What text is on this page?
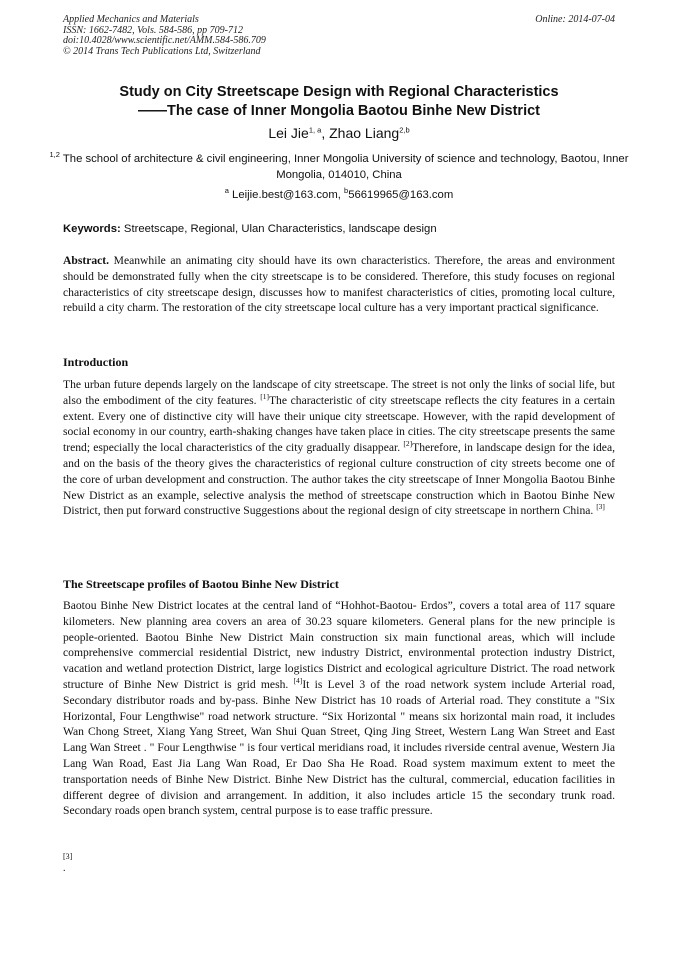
Applied Mechanics and Materials
ISSN: 1662-7482, Vols. 584-586, pp 709-712
doi:10.4028/www.scientific.net/AMM.584-586.709
© 2014 Trans Tech Publications Ltd, Switzerland
Online: 2014-07-04
Study on City Streetscape Design with Regional Characteristics
——The case of Inner Mongolia Baotou Binhe New District
Lei Jie$^{1, a}$, Zhao Liang$^{2,b}$
$^{1,2}$ The school of architecture & civil engineering, Inner Mongolia University of science and technology, Baotou, Inner Mongolia, 014010, China
$^a$ Leijie.best@163.com, $^b$56619965@163.com
Keywords: Streetscape, Regional, Ulan Characteristics, landscape design
Abstract. Meanwhile an animating city should have its own characteristics. Therefore, the areas and environment should be demonstrated fully when the city streetscape is to be considered. Therefore, this study focuses on regional characteristics of city streetscape design, discusses how to manifest characteristics of cities, promoting local culture, rebuild a city charm. The restoration of the city streetscape local culture has a very important practical significance.
Introduction
The urban future depends largely on the landscape of city streetscape. The street is not only the links of social life, but also the embodiment of the city features. [1]The characteristic of city streetscape reflects the city features in a certain extent. Every one of distinctive city will have their unique city streetscape. However, with the rapid development of social economy in our country, earth-shaking changes have taken place in cities. The city streetscape presents the same trend; especially the local characteristics of the city gradually disappear. [2]Therefore, in landscape design for the idea, and on the basis of the theory gives the characteristics of regional culture construction of city streets become one of the core of urban development and construction. The author takes the city streetscape of Inner Mongolia Baotou Binhe New District as an example, selective analysis the method of streetscape construction which in Baotou Binhe New District, then put forward constructive Suggestions about the regional design of city streetscape in northern China. [3]
The Streetscape profiles of Baotou Binhe New District
Baotou Binhe New District locates at the central land of “Hohhot-Baotou- Erdos”, covers a total area of 117 square kilometers. New planning area covers an area of 30.23 square kilometers. General plans for the new principle is people-oriented. Baotou Binhe New District Main construction six main functional areas, which will include comprehensive commercial residential District, new industry District, environmental protection industry District, vacation and wetland protection District, large logistics District and ecological agriculture District. The road network structure of Binhe New District is grid mesh. [4]It is Level 3 of the road network system include Arterial road, Secondary distributor roads and by-pass. Binhe New District has 10 roads of Arterial road. They constitute a "Six Horizontal, Four Lengthwise" road network structure. “Six Horizontal " means six horizontal main road, it includes Wan Chong Street, Xiang Yang Street, Wan Shui Quan Street, Qing Jing Street, Western Lang Wan Street and East Lang Wan Street . " Four Lengthwise " is four vertical meridians road, it includes riverside central avenue, Western Jia Lang Wan Road, East Jia Lang Wan Road, Er Dao Sha He Road. Road system maximum extent to meet the transportation needs of Binhe New District. Binhe New District has the cultural, commercial, education facilities in different degree of division and arrangement. In addition, it also includes article 15 the secondary trunk road. Secondary roads open branch system, central purpose is to ease traffic pressure.
[3]
.
